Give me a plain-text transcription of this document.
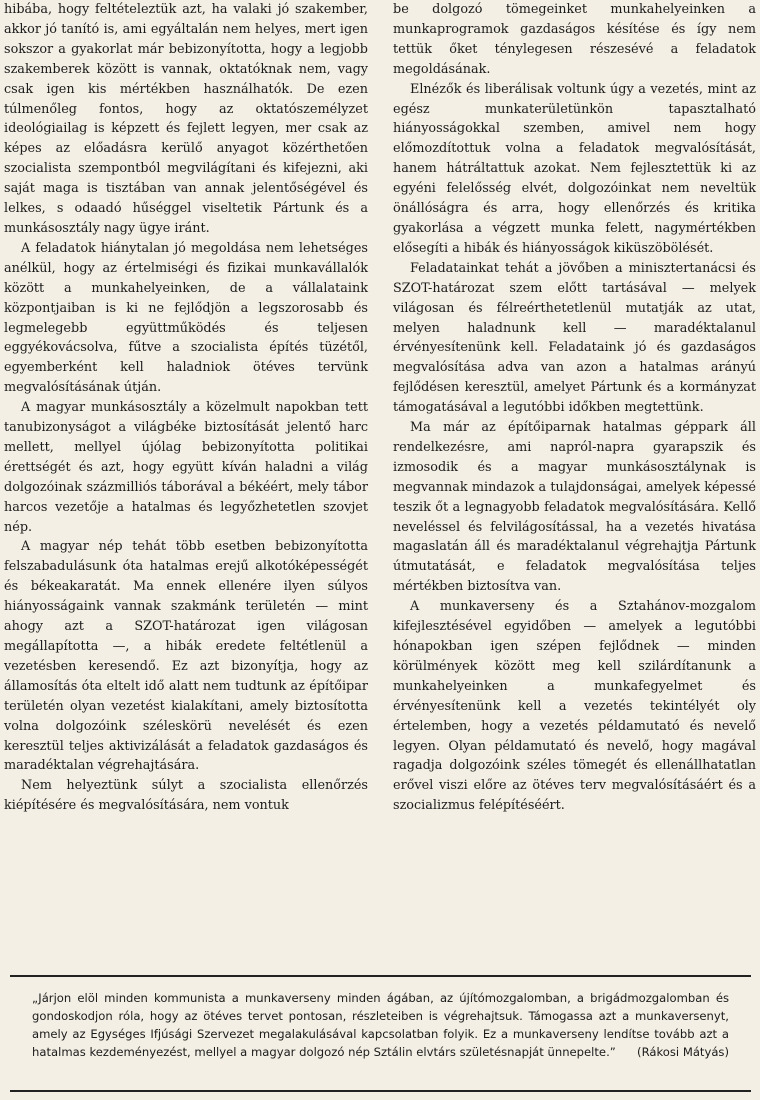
hibába, hogy feltételeztük azt, ha valaki jó szakember, akkor jó tanító is, ami egyáltalán nem helyes, mert igen sokszor a gyakorlat már bebizonyította, hogy a legjobb szakemberek között is vannak, oktatóknak nem, vagy csak igen kis mértékben használhatók. De ezen túlmenőleg fontos, hogy az oktatószemélyzet ideológiailag is képzett és fejlett legyen, mer csak az képes az előadásra kerülő anyagot közérthetően szocialista szempontból megvilágítani és kifejezni, aki saját maga is tisztában van annak jelentőségével és lelkes, s odaadó hűséggel viseltetik Pártunk és a munkásosztály nagy ügye iránt.

A feladatok hiánytalan jó megoldása nem lehetséges anélkül, hogy az értelmiségi és fizikai munkavállalók között a munkahelyeinken, de a vállalataink központjaiban is ki ne fejlődjön a legszorosabb és legmelegebb együttműködés és teljesen eggyékovácsolva, fűtve a szocialista építés tüzétől, egyemberként kell haladniok ötéves tervünk megvalósításának útján.

A magyar munkásosztály a közelmult napokban tett tanubizonyságot a világbéke biztosítását jelentő harc mellett, mellyel újólag bebizonyította politikai érettségét és azt, hogy együtt kíván haladni a világ dolgozóinak százmilliós táborával a békéért, mely tábor harcos vezetője a hatalmas és legyőzhetetlen szovjet nép.

A magyar nép tehát több esetben bebizonyította felszabadulásunk óta hatalmas erejű alkotóképességét és békeakaratát. Ma ennek ellenére ilyen súlyos hiányosságaink vannak szakmánk területén — mint ahogy azt a SZOT-határozat igen világosan megállapította —, a hibák eredete feltétlenül a vezetésben keresendő. Ez azt bizonyítja, hogy az államosítás óta eltelt idő alatt nem tudtunk az építőipar területén olyan vezetést kialakítani, amely biztosította volna dolgozóink széleskörü nevelését és ezen keresztül teljes aktivizálását a feladatok gazdaságos és maradéktalan végrehajtására.

Nem helyeztünk súlyt a szocialista ellenőrzés kiépítésére és megvalósítására, nem vontuk

be dolgozó tömegeinket munkahelyeinken a munkaprogramok gazdaságos késítése és így nem tettük őket ténylegesen részesévé a feladatok megoldásának.

Elnézők és liberálisak voltunk úgy a vezetés, mint az egész munkaterületünkön tapasztalható hiányosságokkal szemben, amivel nem hogy előmozdítottuk volna a feladatok megvalósítását, hanem hátráltattuk azokat. Nem fejlesztettük ki az egyéni felelősség elvét, dolgozóinkat nem neveltük önállóságra és arra, hogy ellenőrzés és kritika gyakorlása a végzett munka felett, nagymértékben elősegíti a hibák és hiányosságok kiküszöbölését.

Feladatainkat tehát a jövőben a minisztertanácsi és SZOT-határozat szem előtt tartásával — melyek világosan és félreérthetetlenül mutatják az utat, melyen haladnunk kell — maradéktalanul érvényesítenünk kell. Feladataink jó és gazdaságos megvalósítása adva van azon a hatalmas arányú fejlődésen keresztül, amelyet Pártunk és a kormányzat támogatásával a legutóbbi időkben megtettünk.

Ma már az építőiparnak hatalmas géppark áll rendelkezésre, ami napról-napra gyarapszik és izmosodik és a magyar munkásosztálynak is megvannak mindazok a tulajdonságai, amelyek képessé teszik őt a legnagyobb feladatok megvalósítására. Kellő neveléssel és felvilágosítással, ha a vezetés hivatása magaslatán áll és maradéktalanul végrehajtja Pártunk útmutatását, e feladatok megvalósítása teljes mértékben biztosítva van.

A munkaverseny és a Sztahánov-mozgalom kifejlesztésével egyidőben — amelyek a legutóbbi hónapokban igen szépen fejlődnek — minden körülmények között meg kell szilárdítanunk a munkahelyeinken a munkafegyelmet és érvényesítenünk kell a vezetés tekintélyét oly értelemben, hogy a vezetés példamutató és nevelő legyen. Olyan példamutató és nevelő, hogy magával ragadja dolgozóink széles tömegét és ellenállhatatlan erővel viszi előre az ötéves terv megvalósításáért és a szocializmus felépítéséért.

„Járjon elöl minden kommunista a munkaverseny minden ágában, az újítómozgalomban, a brigádmozgalomban és gondoskodjon róla, hogy az ötéves tervet pontosan, részleteiben is végrehajtsuk. Támogassa azt a munkaversenyt, amely az Egységes Ifjúsági Szervezet megalakulásával kapcsolatban folyik. Ez a munkaverseny lendítse tovább azt a hatalmas kezdeményezést, mellyel a magyar dolgozó nép Sztálin elvtárs születésnapját ünnepelte.” (Rákosi Mátyás)
